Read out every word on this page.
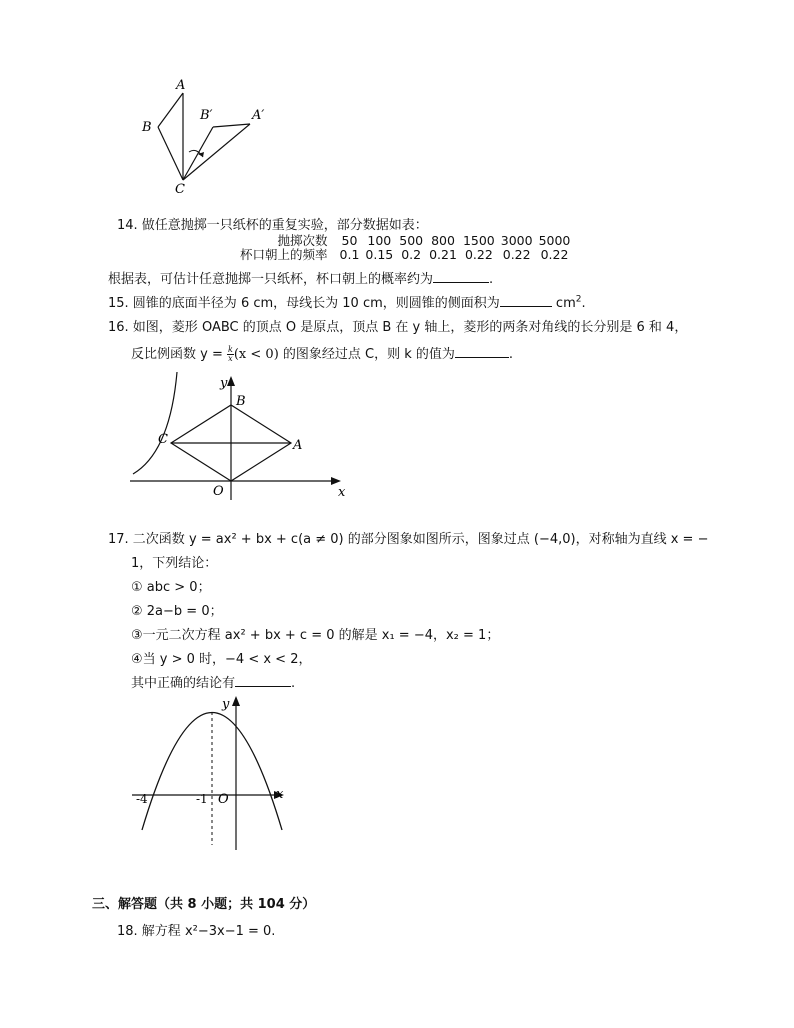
A
B
B′	A′
C
14. 做任意抛掷一只纸杯的重复实验，部分数据如表：
抛掷次数	50	100	500	800	1500	3000	5000
杯口朝上的频率	0.1	0.15	0.2	0.21	0.22	0.22	0.22
根据表，可估计任意抛掷一只纸杯，杯口朝上的概率约为	.
15. 圆锥的底面半径为 6 cm，母线长为 10 cm，则圆锥的侧面积为	$cm^2$.
16. 如图，菱形 OABC 的顶点 O 是原点，顶点 B 在 y 轴上，菱形的两条对角线的长分别是 6 和 4，
反比例函数 $y = \frac{k}{x} (x < 0)$ 的图象经过点 C，则 k 的值为	.
y
x
B
C	A
O
17. 二次函数 y = ax² + bx + c(a ≠ 0) 的部分图象如图所示，图象过点 (−4,0)，对称轴为直线 x = −
1，下列结论：
① abc > 0；
② 2a−b = 0；
③一元二次方程 ax² + bx + c = 0 的解是 x₁ = −4，x₂ = 1；
④当 y > 0 时，−4 < x < 2，
其中正确的结论有	.
y
x
-4	-1 O
三、解答题（共 8 小题；共 104 分）
18. 解方程 x²−3x−1 = 0.
